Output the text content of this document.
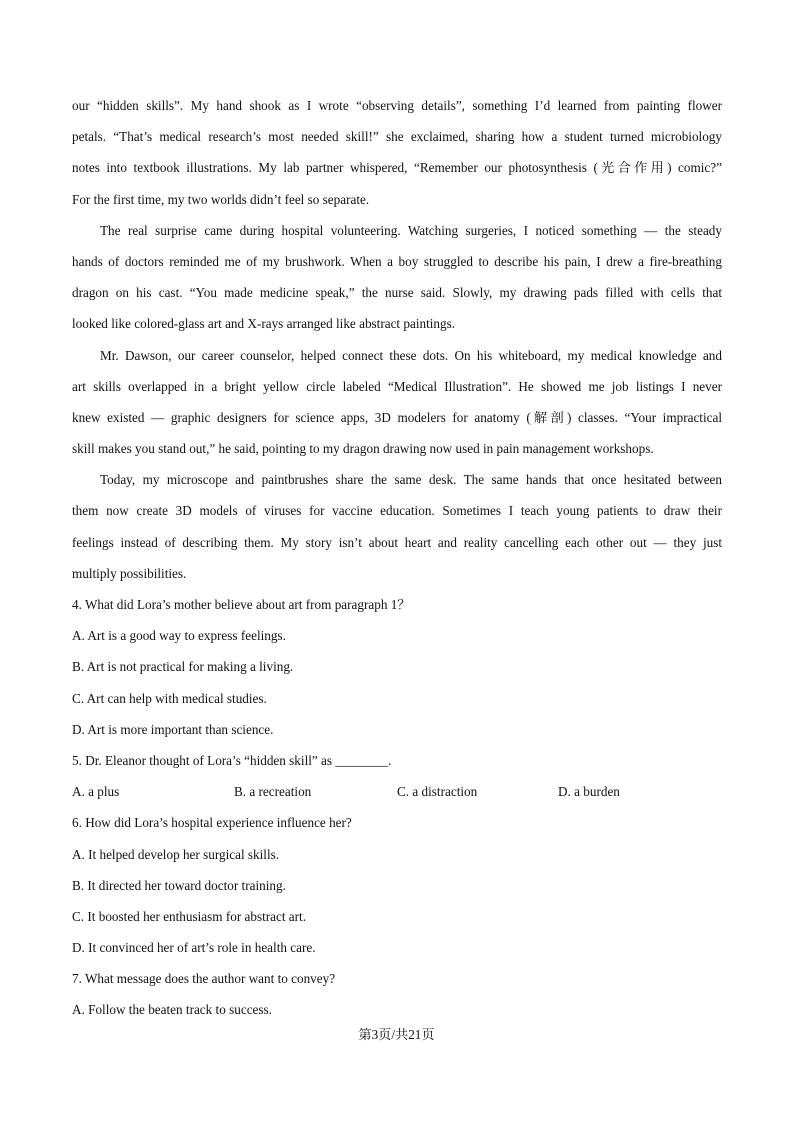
our “hidden skills”. My hand shook as I wrote “observing details”, something I’d learned from painting flower
petals. “That’s medical research’s most needed skill!” she exclaimed, sharing how a student turned microbiology
notes into textbook illustrations. My lab partner whispered, “Remember our photosynthesis (光合作用) comic?”
For the first time, my two worlds didn’t feel so separate.
The real surprise came during hospital volunteering. Watching surgeries, I noticed something — the steady
hands of doctors reminded me of my brushwork. When a boy struggled to describe his pain, I drew a fire-breathing
dragon on his cast. “You made medicine speak,” the nurse said. Slowly, my drawing pads filled with cells that
looked like colored-glass art and X-rays arranged like abstract paintings.
Mr. Dawson, our career counselor, helped connect these dots. On his whiteboard, my medical knowledge and
art skills overlapped in a bright yellow circle labeled “Medical Illustration”. He showed me job listings I never
knew existed — graphic designers for science apps, 3D modelers for anatomy (解剖) classes. “Your impractical
skill makes you stand out,” he said, pointing to my dragon drawing now used in pain management workshops.
Today, my microscope and paintbrushes share the same desk. The same hands that once hesitated between
them now create 3D models of viruses for vaccine education. Sometimes I teach young patients to draw their
feelings instead of describing them. My story isn’t about heart and reality cancelling each other out — they just
multiply possibilities.
4. What did Lora’s mother believe about art from paragraph 1？
A. Art is a good way to express feelings.
B. Art is not practical for making a living.
C. Art can help with medical studies.
D. Art is more important than science.
5. Dr. Eleanor thought of Lora’s “hidden skill” as ________.
A. a plus	B. a recreation	C. a distraction	D. a burden
6. How did Lora’s hospital experience influence her?
A. It helped develop her surgical skills.
B. It directed her toward doctor training.
C. It boosted her enthusiasm for abstract art.
D. It convinced her of art’s role in health care.
7. What message does the author want to convey?
A. Follow the beaten track to success.
第3页/共21页
